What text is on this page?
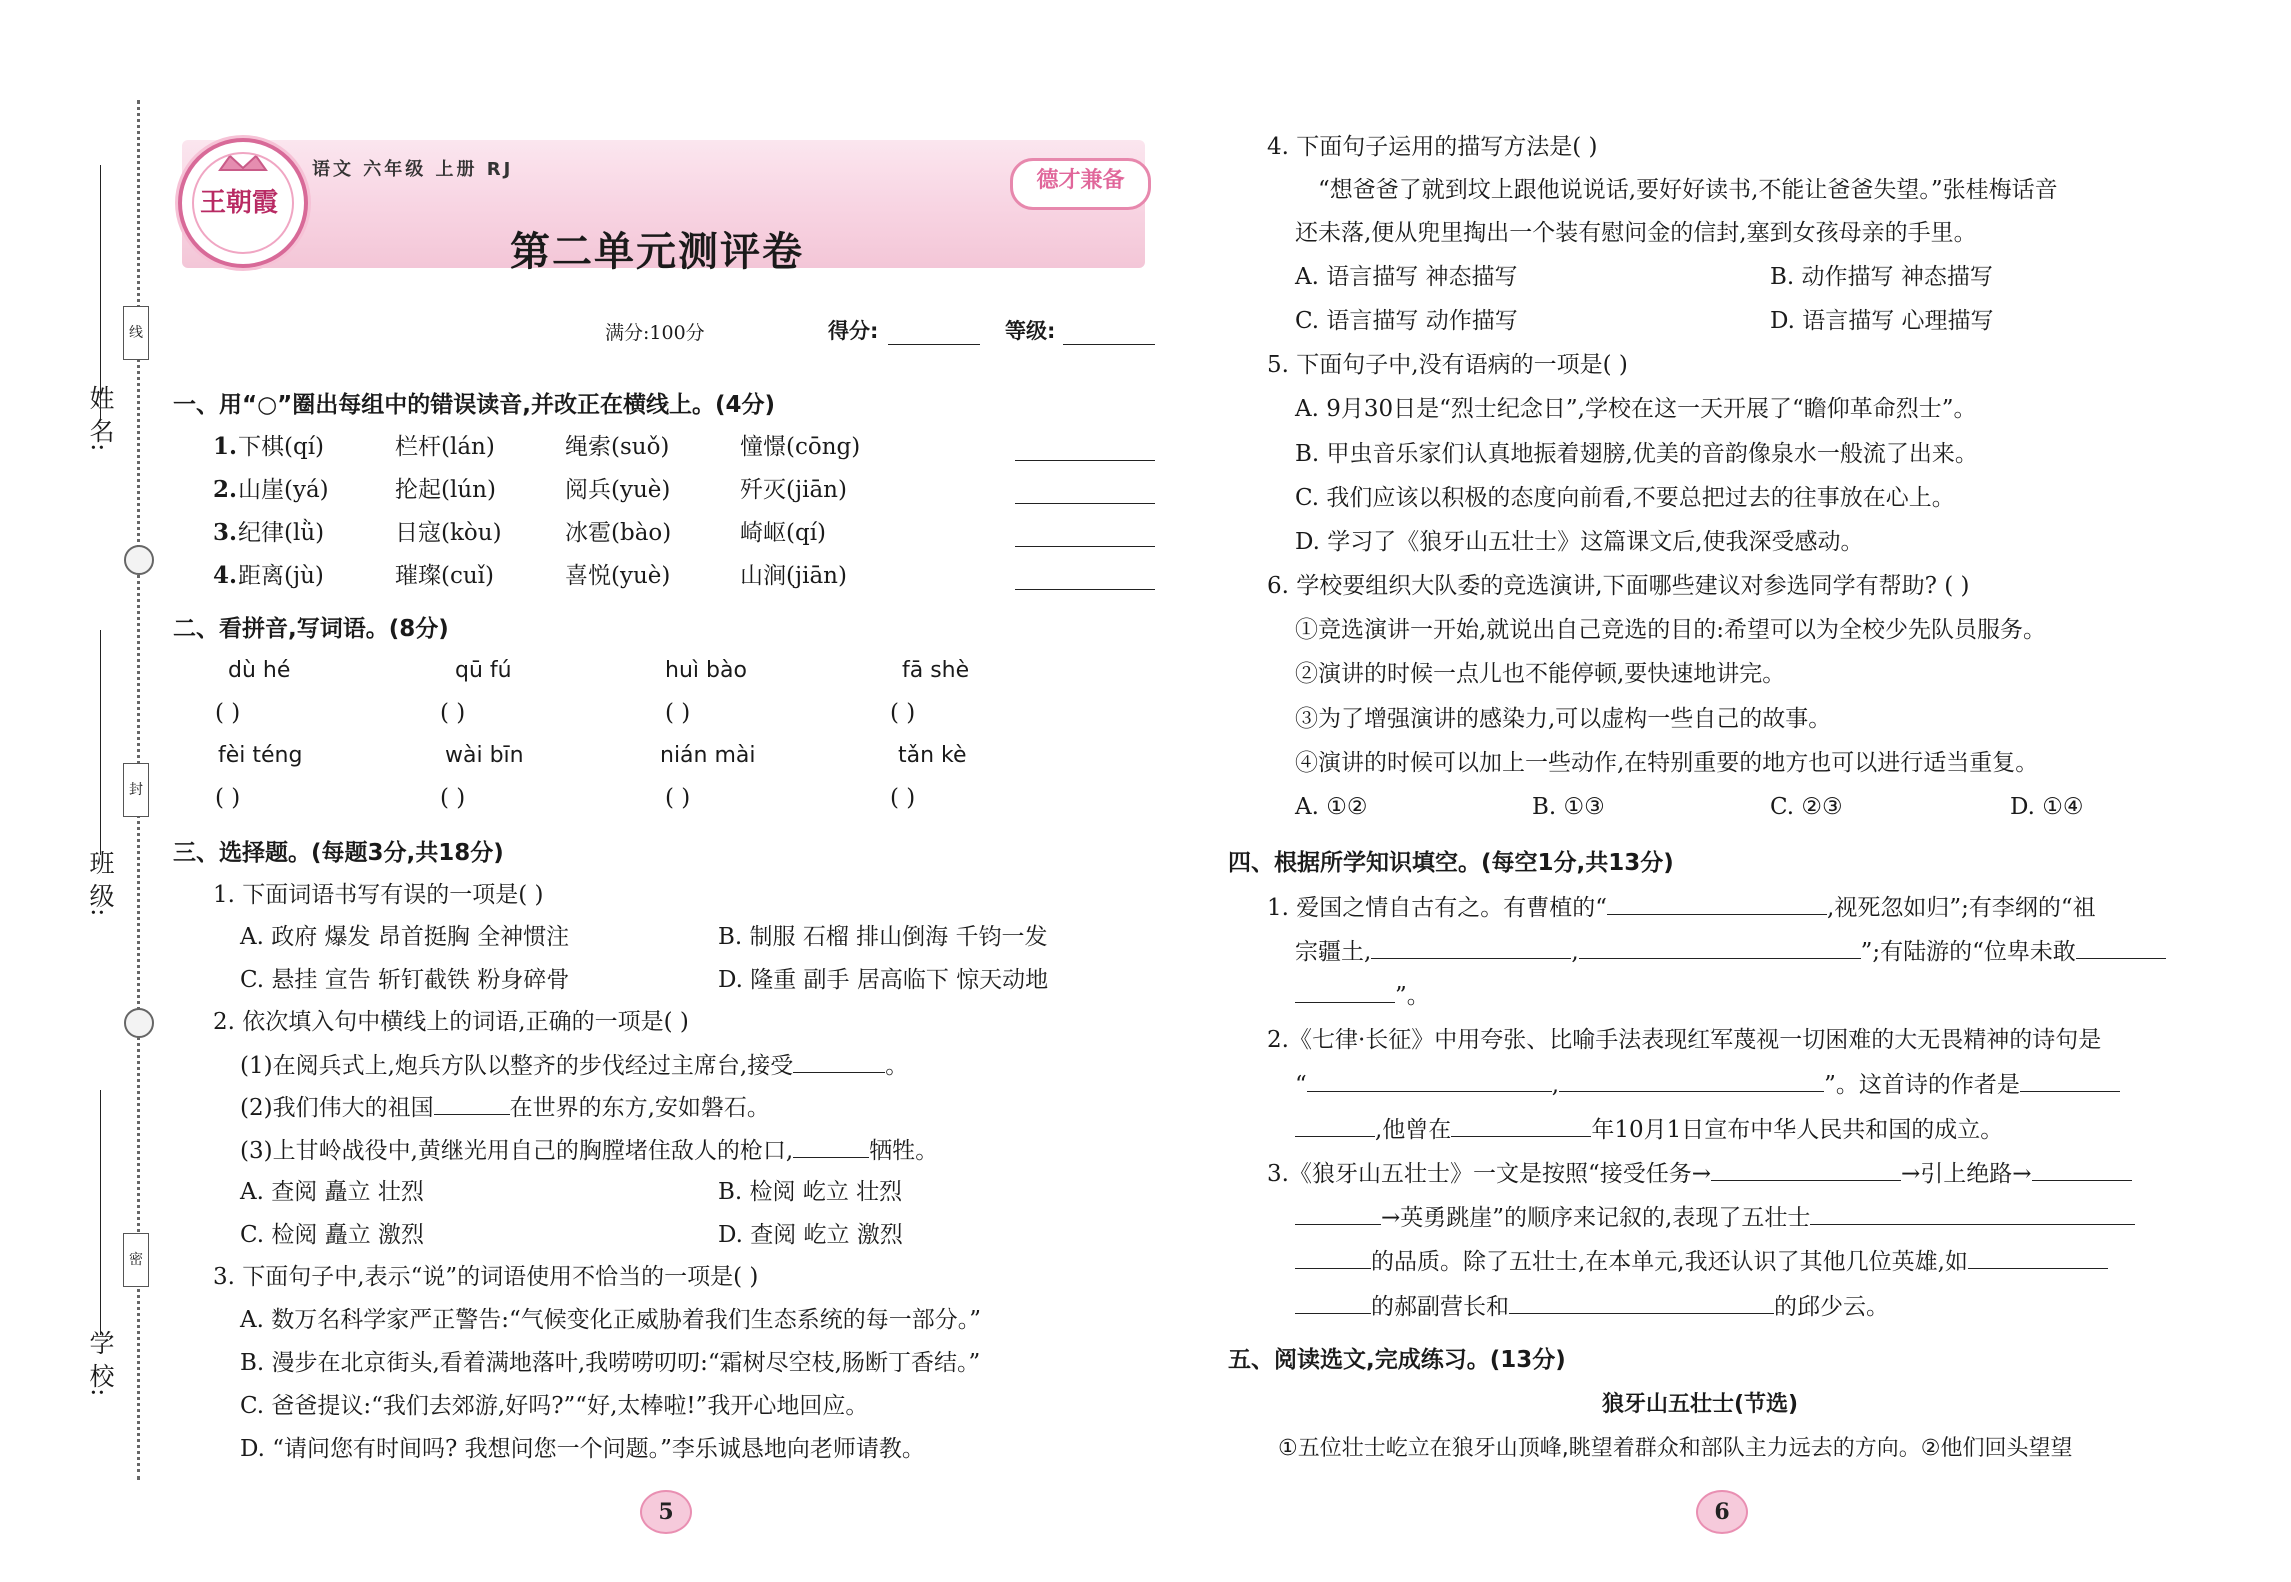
线
封
密
姓 名:
班 级:
学 校:
王朝霞
语文 六年级 上册 RJ	德才兼备
第二单元测评卷
满分:100分	得分:	等级:
一、用“○”圈出每组中的错误读音,并改正在横线上。(4分)
1. 下棋(qí)	栏杆(lán)	绳索(suǒ)	憧憬(cōng)
2. 山崖(yá)	抡起(lún)	阅兵(yuè)	歼灭(jiān)
3. 纪律(lǜ)	日寇(kòu)	冰雹(bào)	崎岖(qí)
4. 距离(jù)	璀璨(cuǐ)	喜悦(yuè)	山涧(jiān)
二、看拼音,写词语。(8分)
dù hé	qū fú	huì bào	fā shè
( )	( )	( )	( )
fèi téng	wài bīn	nián mài	tǎn kè
( )	( )	( )	( )
三、选择题。(每题3分,共18分)
1. 下面词语书写有误的一项是( )
A. 政府 爆发 昂首挺胸 全神惯注	B. 制服 石榴 排山倒海 千钧一发
C. 悬挂 宣告 斩钉截铁 粉身碎骨	D. 隆重 副手 居高临下 惊天动地
2. 依次填入句中横线上的词语,正确的一项是( )
(1)在阅兵式上,炮兵方队以整齐的步伐经过主席台,接受	。
(2)我们伟大的祖国	在世界的东方,安如磐石。
(3)上甘岭战役中,黄继光用自己的胸膛堵住敌人的枪口,	牺牲。
A. 查阅 矗立 壮烈	B. 检阅 屹立 壮烈
C. 检阅 矗立 激烈	D. 查阅 屹立 激烈
3. 下面句子中,表示“说”的词语使用不恰当的一项是( )
A. 数万名科学家严正警告:“气候变化正威胁着我们生态系统的每一部分。”
B. 漫步在北京街头,看着满地落叶,我唠唠叨叨:“霜树尽空枝,肠断丁香结。”
C. 爸爸提议:“我们去郊游,好吗?”“好,太棒啦!”我开心地回应。
D. “请问您有时间吗? 我想问您一个问题。”李乐诚恳地向老师请教。
5
4. 下面句子运用的描写方法是( )
“想爸爸了就到坟上跟他说说话,要好好读书,不能让爸爸失望。”张桂梅话音
还未落,便从兜里掏出一个装有慰问金的信封,塞到女孩母亲的手里。
A. 语言描写 神态描写	B. 动作描写 神态描写
C. 语言描写 动作描写	D. 语言描写 心理描写
5. 下面句子中,没有语病的一项是( )
A. 9月30日是“烈士纪念日”,学校在这一天开展了“瞻仰革命烈士”。
B. 甲虫音乐家们认真地振着翅膀,优美的音韵像泉水一般流了出来。
C. 我们应该以积极的态度向前看,不要总把过去的往事放在心上。
D. 学习了《狼牙山五壮士》这篇课文后,使我深受感动。
6. 学校要组织大队委的竞选演讲,下面哪些建议对参选同学有帮助? ( )
①竞选演讲一开始,就说出自己竞选的目的:希望可以为全校少先队员服务。
②演讲的时候一点儿也不能停顿,要快速地讲完。
③为了增强演讲的感染力,可以虚构一些自己的故事。
④演讲的时候可以加上一些动作,在特别重要的地方也可以进行适当重复。
A. ①②	B. ①③	C. ②③	D. ①④
四、根据所学知识填空。(每空1分,共13分)
1. 爱国之情自古有之。有曹植的“	,视死忽如归”;有李纲的“祖
宗疆土,	,	”;有陆游的“位卑未敢
”。
2.《七律·长征》中用夸张、比喻手法表现红军蔑视一切困难的大无畏精神的诗句是
“	,	”。这首诗的作者是
,他曾在	年10月1日宣布中华人民共和国的成立。
3.《狼牙山五壮士》一文是按照“接受任务→	→引上绝路→
→英勇跳崖”的顺序来记叙的,表现了五壮士
的品质。除了五壮士,在本单元,我还认识了其他几位英雄,如
的郝副营长和	的邱少云。
五、阅读选文,完成练习。(13分)
狼牙山五壮士(节选)
①五位壮士屹立在狼牙山顶峰,眺望着群众和部队主力远去的方向。②他们回头望望
6
